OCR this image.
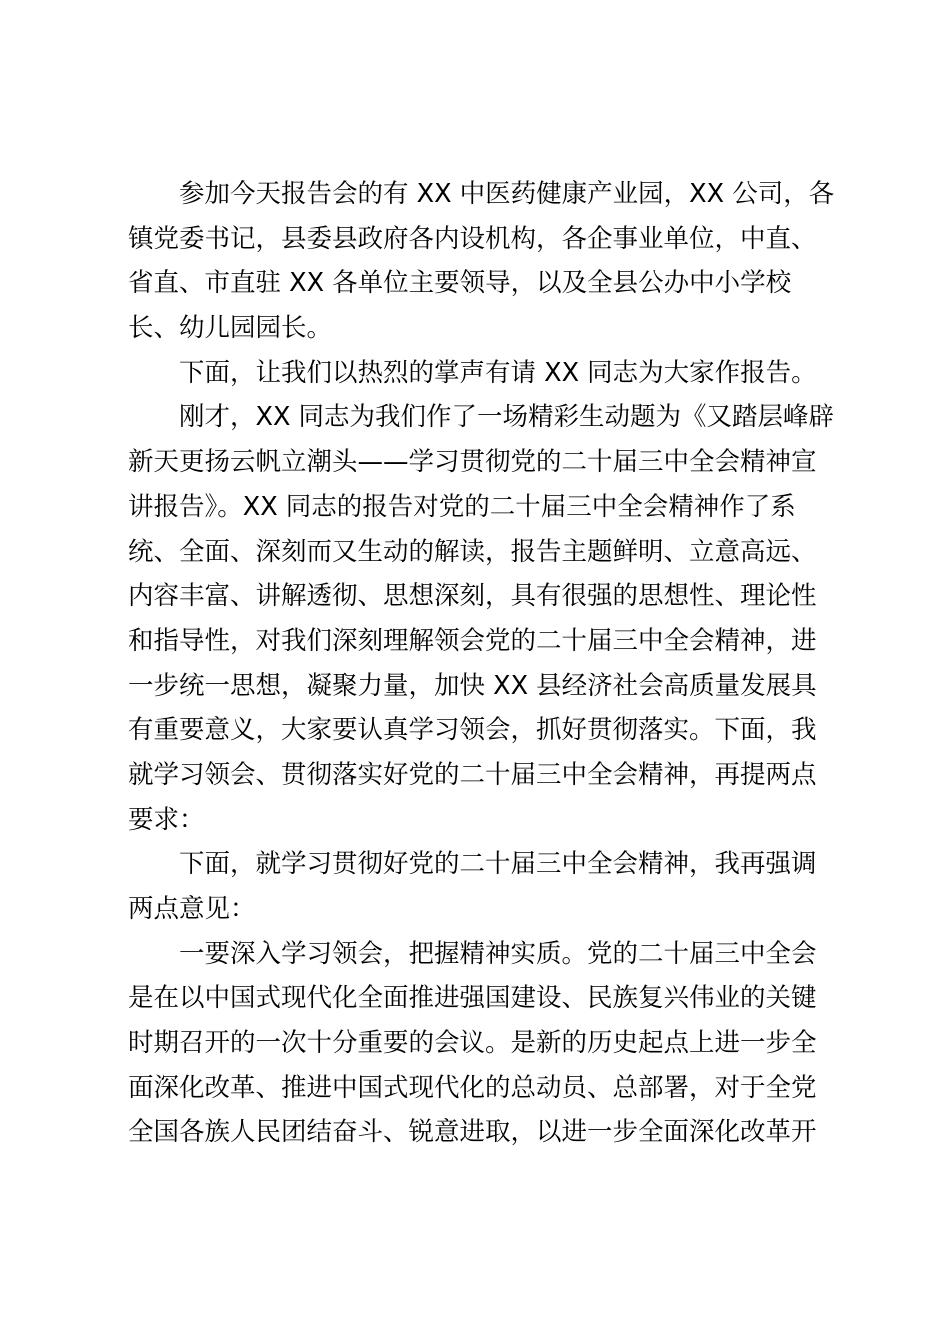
参加今天报告会的有 XX 中医药健康产业园，XX 公司，各
镇党委书记，县委县政府各内设机构，各企事业单位，中直、
省直、市直驻 XX 各单位主要领导，以及全县公办中小学校
长、幼儿园园长。
下面，让我们以热烈的掌声有请 XX 同志为大家作报告。
刚才，XX 同志为我们作了一场精彩生动题为《又踏层峰辟
新天更扬云帆立潮头——学习贯彻党的二十届三中全会精神宣
讲报告》。XX 同志的报告对党的二十届三中全会精神作了系
统、全面、深刻而又生动的解读，报告主题鲜明、立意高远、
内容丰富、讲解透彻、思想深刻，具有很强的思想性、理论性
和指导性，对我们深刻理解领会党的二十届三中全会精神，进
一步统一思想，凝聚力量，加快 XX 县经济社会高质量发展具
有重要意义，大家要认真学习领会，抓好贯彻落实。下面，我
就学习领会、贯彻落实好党的二十届三中全会精神，再提两点
要求：
下面，就学习贯彻好党的二十届三中全会精神，我再强调
两点意见：
一要深入学习领会，把握精神实质。党的二十届三中全会
是在以中国式现代化全面推进强国建设、民族复兴伟业的关键
时期召开的一次十分重要的会议。是新的历史起点上进一步全
面深化改革、推进中国式现代化的总动员、总部署，对于全党
全国各族人民团结奋斗、锐意进取，以进一步全面深化改革开
